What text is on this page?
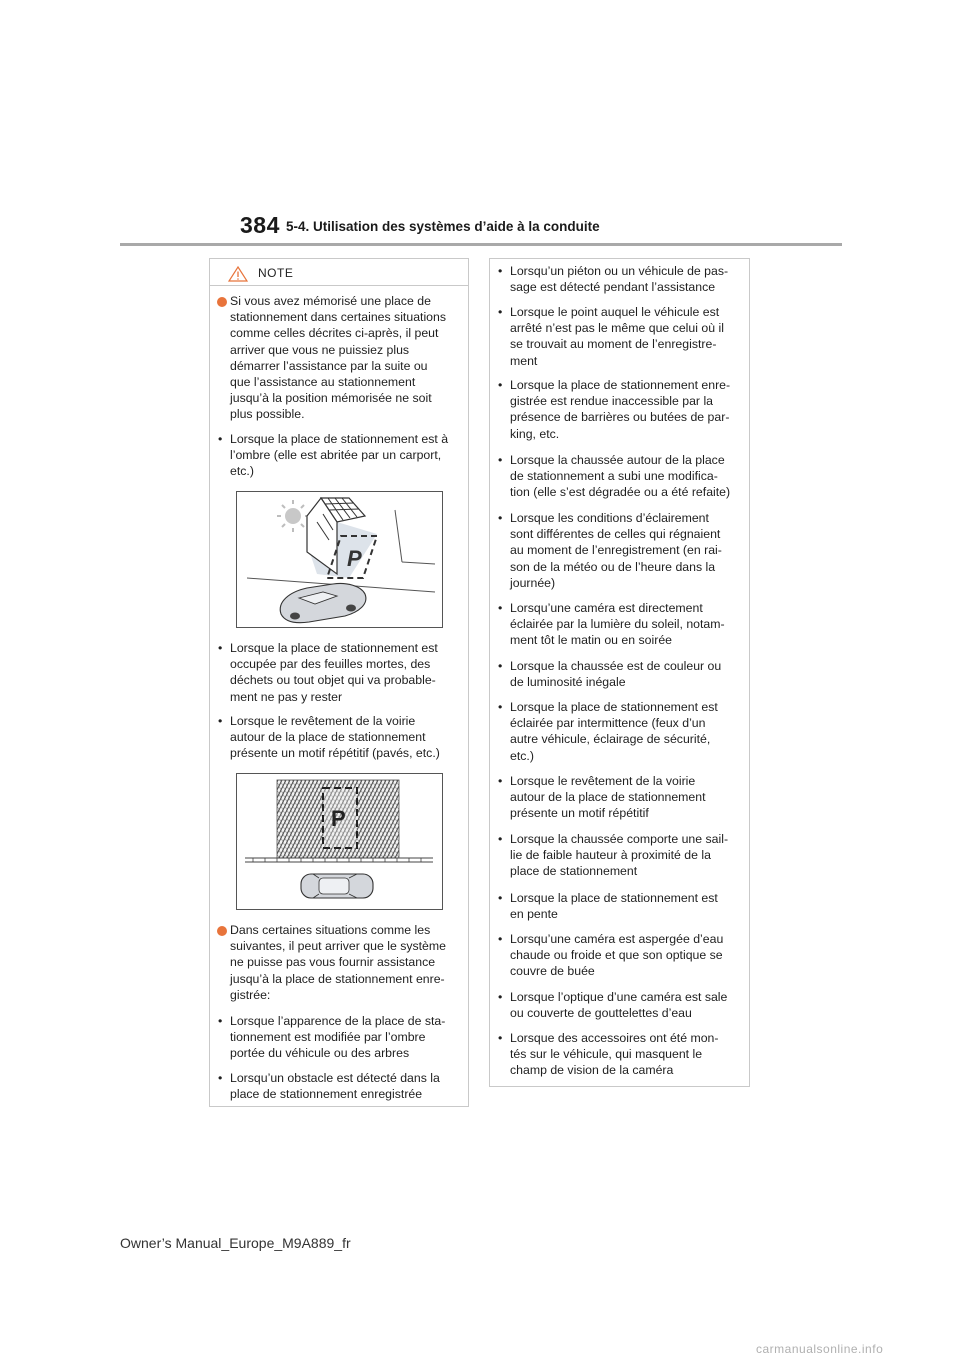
384 5-4. Utilisation des systèmes d’aide à la conduite
NOTE
Si vous avez mémorisé une place de
stationnement dans certaines situations
comme celles décrites ci-après, il peut
arriver que vous ne puissiez plus
démarrer l’assistance par la suite ou
que l’assistance au stationnement
jusqu’à la position mémorisée ne soit
plus possible.
• Lorsque la place de stationnement est à
l’ombre (elle est abritée par un carport,
etc.)
P
• Lorsque la place de stationnement est
occupée par des feuilles mortes, des
déchets ou tout objet qui va probable-
ment ne pas y rester
• Lorsque le revêtement de la voirie
autour de la place de stationnement
présente un motif répétitif (pavés, etc.)
P
Dans certaines situations comme les
suivantes, il peut arriver que le système
ne puisse pas vous fournir assistance
jusqu’à la place de stationnement enre-
gistrée:
• Lorsque l’apparence de la place de sta-
tionnement est modifiée par l’ombre
portée du véhicule ou des arbres
• Lorsqu’un obstacle est détecté dans la
place de stationnement enregistrée
• Lorsqu’un piéton ou un véhicule de pas-
sage est détecté pendant l’assistance
• Lorsque le point auquel le véhicule est
arrêté n’est pas le même que celui où il
se trouvait au moment de l’enregistre-
ment
• Lorsque la place de stationnement enre-
gistrée est rendue inaccessible par la
présence de barrières ou butées de par-
king, etc.
• Lorsque la chaussée autour de la place
de stationnement a subi une modifica-
tion (elle s’est dégradée ou a été refaite)
• Lorsque les conditions d’éclairement
sont différentes de celles qui régnaient
au moment de l’enregistrement (en rai-
son de la météo ou de l’heure dans la
journée)
• Lorsqu’une caméra est directement
éclairée par la lumière du soleil, notam-
ment tôt le matin ou en soirée
• Lorsque la chaussée est de couleur ou
de luminosité inégale
• Lorsque la place de stationnement est
éclairée par intermittence (feux d’un
autre véhicule, éclairage de sécurité,
etc.)
• Lorsque le revêtement de la voirie
autour de la place de stationnement
présente un motif répétitif
• Lorsque la chaussée comporte une sail-
lie de faible hauteur à proximité de la
place de stationnement
• Lorsque la place de stationnement est
en pente
• Lorsqu’une caméra est aspergée d’eau
chaude ou froide et que son optique se
couvre de buée
• Lorsque l’optique d’une caméra est sale
ou couverte de gouttelettes d’eau
• Lorsque des accessoires ont été mon-
tés sur le véhicule, qui masquent le
champ de vision de la caméra
Owner’s Manual_Europe_M9A889_fr
carmanualsonline.info
